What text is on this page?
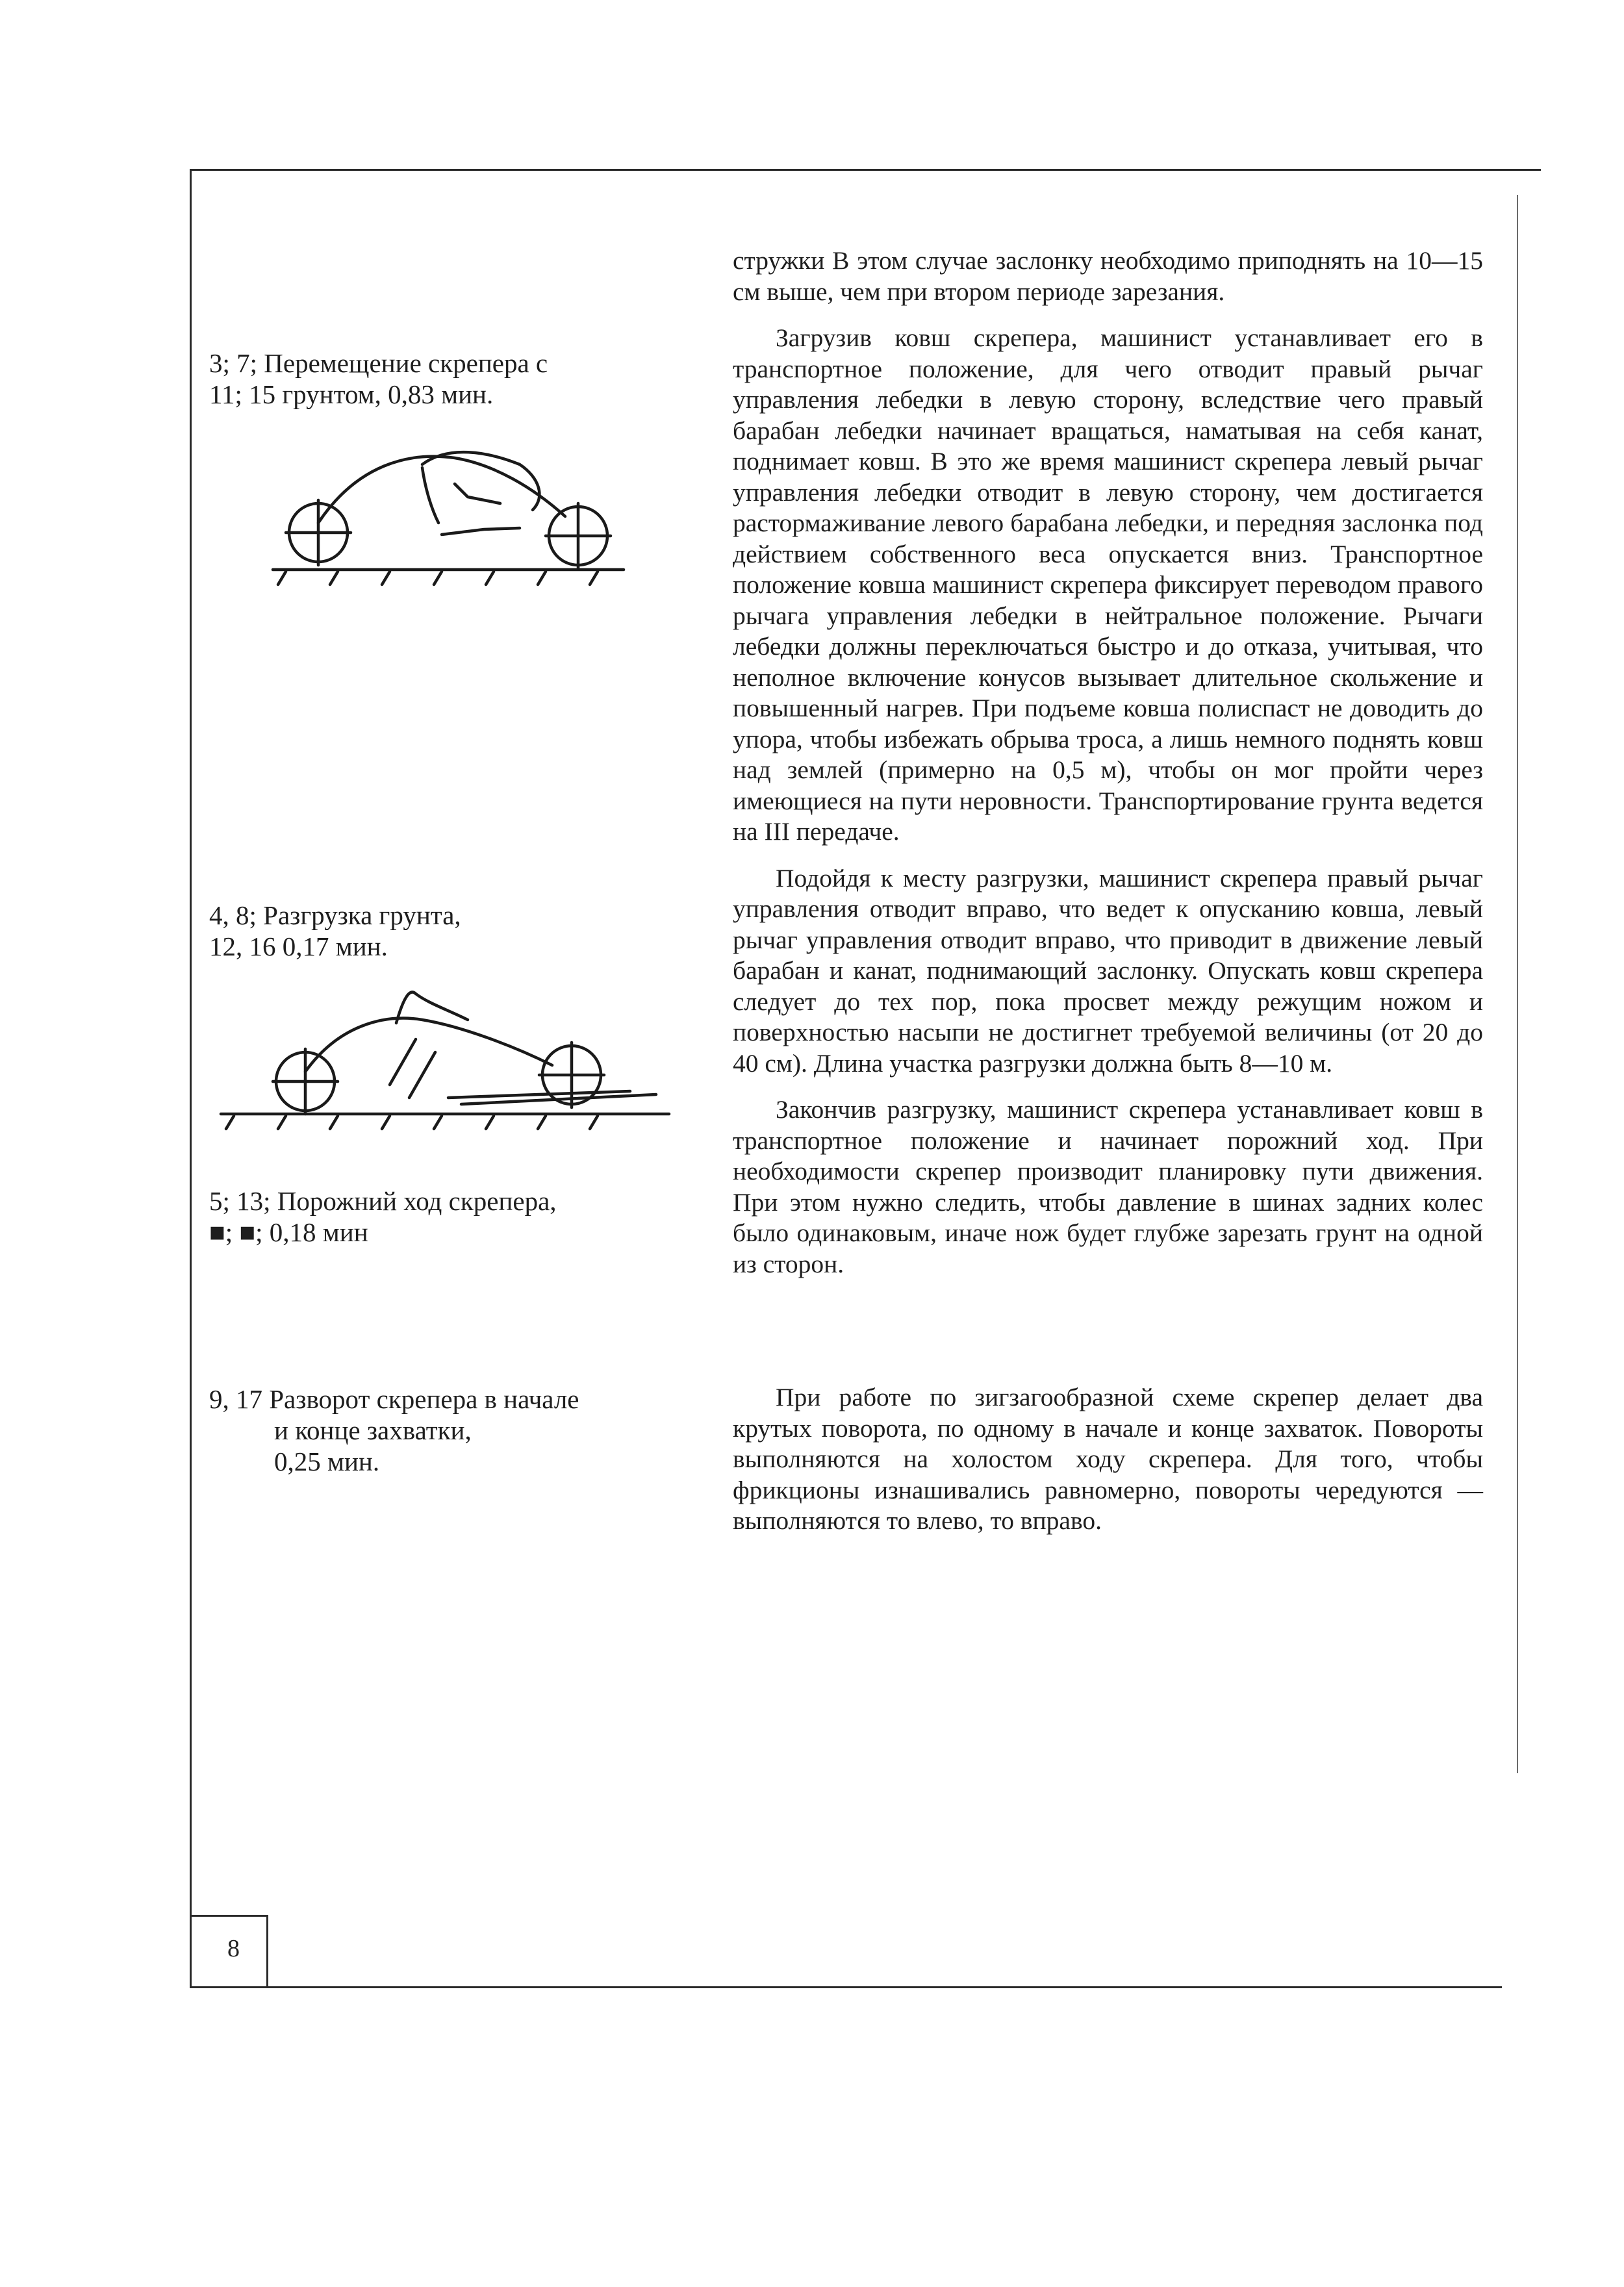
8
3; 7; Перемещение скрепера с
11; 15 грунтом, 0,83 мин.
4, 8; Разгрузка грунта,
12, 16 0,17 мин.
5; 13; Порожний ход скрепера,
■; ■; 0,18 мин
9, 17 Разворот скрепера в начале
и конце захватки,
0,25 мин.

стружки В этом случае заслонку необходимо приподнять на 10—15 см выше, чем при втором периоде зарезания.

Загрузив ковш скрепера, машинист устанавливает его в транспортное положение, для чего отводит правый рычаг управления лебедки в левую сторону, вследствие чего правый барабан лебедки начинает вращаться, наматывая на себя канат, поднимает ковш. В это же время машинист скрепера левый рычаг управления лебедки отводит в левую сторону, чем достигается растормаживание левого барабана лебедки, и передняя заслонка под действием собственного веса опускается вниз. Транспортное положение ковша машинист скрепера фиксирует переводом правого рычага управления лебедки в нейтральное положение. Рычаги лебедки должны переключаться быстро и до отказа, учитывая, что неполное включение конусов вызывает длительное скольжение и повышенный нагрев. При подъеме ковша полиспаст не доводить до упора, чтобы избежать обрыва троса, а лишь немного поднять ковш над землей (примерно на 0,5 м), чтобы он мог пройти через имеющиеся на пути неровности. Транспортирование грунта ведется на III передаче.

Подойдя к месту разгрузки, машинист скрепера правый рычаг управления отводит вправо, что ведет к опусканию ковша, левый рычаг управления отводит вправо, что приводит в движение левый барабан и канат, поднимающий заслонку. Опускать ковш скрепера следует до тех пор, пока просвет между режущим ножом и поверхностью насыпи не достигнет требуемой величины (от 20 до 40 см). Длина участка разгрузки должна быть 8—10 м.

Закончив разгрузку, машинист скрепера устанавливает ковш в транспортное положение и начинает порожний ход. При необходимости скрепер производит планировку пути движения. При этом нужно следить, чтобы давление в шинах задних колес было одинаковым, иначе нож будет глубже зарезать грунт на одной из сторон.

При работе по зигзагообразной схеме скрепер делает два крутых поворота, по одному в начале и конце захваток. Повороты выполняются на холостом ходу скрепера. Для того, чтобы фрикционы изнашивались равномерно, повороты чередуются — выполняются то влево, то вправо.
